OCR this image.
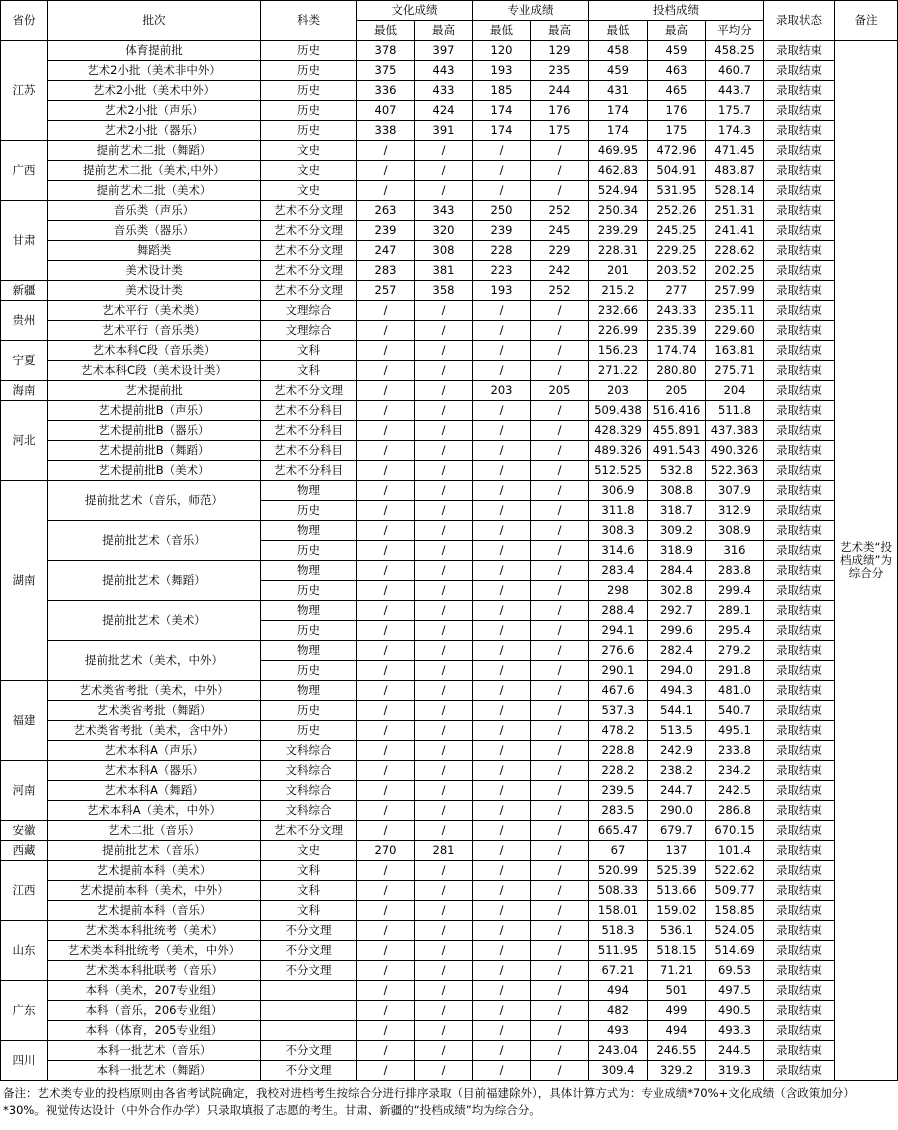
省份	批次	科类	文化成绩		专业成绩		投档成绩			录取状态	备注
			最低	最高	最低	最高	最低	最高	平均分		
江苏	体育提前批	历史	378	397	120	129	458	459	458.25	录取结束	艺术类“投档成绩”为综合分
	艺术2小批（美术非中外）	历史	375	443	193	235	459	463	460.7	录取结束	
	艺术2小批（美术中外）	历史	336	433	185	244	431	465	443.7	录取结束	
	艺术2小批（声乐）	历史	407	424	174	176	174	176	175.7	录取结束	
	艺术2小批（器乐）	历史	338	391	174	175	174	175	174.3	录取结束	
广西	提前艺术二批（舞蹈）	文史	/	/	/	/	469.95	472.96	471.45	录取结束	
	提前艺术二批（美术,中外）	文史	/	/	/	/	462.83	504.91	483.87	录取结束	
	提前艺术二批（美术）	文史	/	/	/	/	524.94	531.95	528.14	录取结束	
甘肃	音乐类（声乐）	艺术不分文理	263	343	250	252	250.34	252.26	251.31	录取结束	
	音乐类（器乐）	艺术不分文理	239	320	239	245	239.29	245.25	241.41	录取结束	
	舞蹈类	艺术不分文理	247	308	228	229	228.31	229.25	228.62	录取结束	
	美术设计类	艺术不分文理	283	381	223	242	201	203.52	202.25	录取结束	
新疆	美术设计类	艺术不分文理	257	358	193	252	215.2	277	257.99	录取结束	
贵州	艺术平行（美术类）	文理综合	/	/	/	/	232.66	243.33	235.11	录取结束	
	艺术平行（音乐类）	文理综合	/	/	/	/	226.99	235.39	229.60	录取结束	
宁夏	艺术本科C段（音乐类）	文科	/	/	/	/	156.23	174.74	163.81	录取结束	
	艺术本科C段（美术设计类）	文科	/	/	/	/	271.22	280.80	275.71	录取结束	
海南	艺术提前批	艺术不分文理	/	/	203	205	203	205	204	录取结束	
河北	艺术提前批B（声乐）	艺术不分科目	/	/	/	/	509.438	516.416	511.8	录取结束	
	艺术提前批B（器乐）	艺术不分科目	/	/	/	/	428.329	455.891	437.383	录取结束	
	艺术提前批B（舞蹈）	艺术不分科目	/	/	/	/	489.326	491.543	490.326	录取结束	
	艺术提前批B（美术）	艺术不分科目	/	/	/	/	512.525	532.8	522.363	录取结束	
湖南	提前批艺术（音乐，师范）	物理	/	/	/	/	306.9	308.8	307.9	录取结束	
		历史	/	/	/	/	311.8	318.7	312.9	录取结束	
	提前批艺术（音乐）	物理	/	/	/	/	308.3	309.2	308.9	录取结束	
		历史	/	/	/	/	314.6	318.9	316	录取结束	
	提前批艺术（舞蹈）	物理	/	/	/	/	283.4	284.4	283.8	录取结束	
		历史	/	/	/	/	298	302.8	299.4	录取结束	
	提前批艺术（美术）	物理	/	/	/	/	288.4	292.7	289.1	录取结束	
		历史	/	/	/	/	294.1	299.6	295.4	录取结束	
	提前批艺术（美术，中外）	物理	/	/	/	/	276.6	282.4	279.2	录取结束	
		历史	/	/	/	/	290.1	294.0	291.8	录取结束	
福建	艺术类省考批（美术，中外）	物理	/	/	/	/	467.6	494.3	481.0	录取结束	
	艺术类省考批（舞蹈）	历史	/	/	/	/	537.3	544.1	540.7	录取结束	
	艺术类省考批（美术，含中外）	历史	/	/	/	/	478.2	513.5	495.1	录取结束	
	艺术本科A（声乐）	文科综合	/	/	/	/	228.8	242.9	233.8	录取结束	
河南	艺术本科A（器乐）	文科综合	/	/	/	/	228.2	238.2	234.2	录取结束	
	艺术本科A（舞蹈）	文科综合	/	/	/	/	239.5	244.7	242.5	录取结束	
	艺术本科A（美术，中外）	文科综合	/	/	/	/	283.5	290.0	286.8	录取结束	
安徽	艺术二批（音乐）	艺术不分文理	/	/	/	/	665.47	679.7	670.15	录取结束	
西藏	提前批艺术（音乐）	文史	270	281	/	/	67	137	101.4	录取结束	
江西	艺术提前本科（美术）	文科	/	/	/	/	520.99	525.39	522.62	录取结束	
	艺术提前本科（美术，中外）	文科	/	/	/	/	508.33	513.66	509.77	录取结束	
	艺术提前本科（音乐）	文科	/	/	/	/	158.01	159.02	158.85	录取结束	
山东	艺术类本科批统考（美术）	不分文理	/	/	/	/	518.3	536.1	524.05	录取结束	
	艺术类本科批统考（美术，中外）	不分文理	/	/	/	/	511.95	518.15	514.69	录取结束	
	艺术类本科批联考（音乐）	不分文理	/	/	/	/	67.21	71.21	69.53	录取结束	
广东	本科（美术，207专业组）		/	/	/	/	494	501	497.5	录取结束	
	本科（音乐，206专业组）		/	/	/	/	482	499	490.5	录取结束	
	本科（体育，205专业组）		/	/	/	/	493	494	493.3	录取结束	
四川	本科一批艺术（音乐）	不分文理	/	/	/	/	243.04	246.55	244.5	录取结束	
	本科一批艺术（舞蹈）	不分文理	/	/	/	/	309.4	329.2	319.3	录取结束	
备注：艺术类专业的投档原则由各省考试院确定，我校对进档考生按综合分进行排序录取（目前福建除外），具体计算方式为：专业成绩*70%+文化成绩（含政策加分）*30%。视觉传达设计（中外合作办学）只录取填报了志愿的考生。甘肃、新疆的“投档成绩”均为综合分。
